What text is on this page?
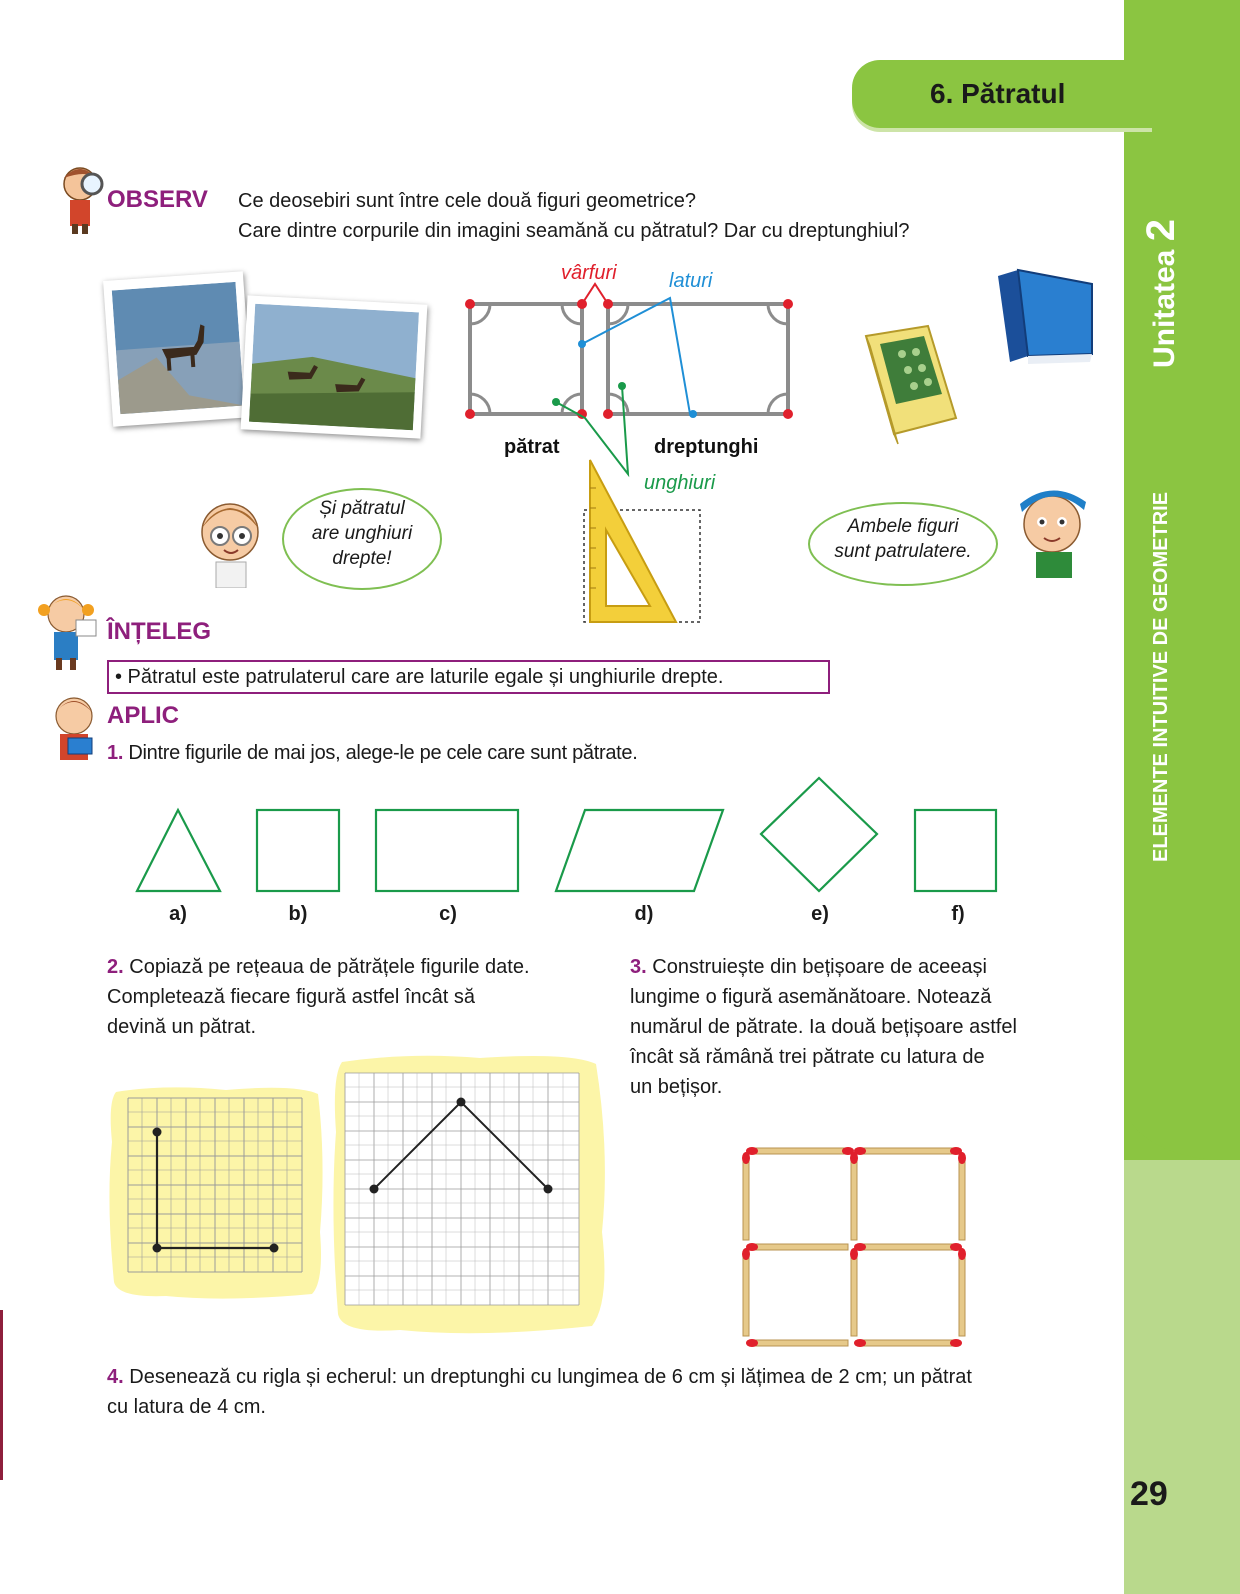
6. Pătratul
Unitatea 2
ELEMENTE INTUITIVE DE GEOMETRIE
29
OBSERV Ce deosebiri sunt între cele două figuri geometrice?
Care dintre corpurile din imagini seamănă cu pătratul? Dar cu dreptunghiul?
vârfuri	laturi
pătrat	dreptunghi
unghiuri
Și pătratul
are unghiuri
drepte!
Ambele figuri
sunt patrulatere.
ÎNȚELEG
• Pătratul este patrulaterul care are laturile egale și unghiurile drepte.
APLIC
1. Dintre figurile de mai jos, alege-le pe cele care sunt pătrate.
a)	b)	c)	d)	e)	f)
2. Copiază pe rețeaua de pătrățele figurile date.
Completează fiecare figură astfel încât să
devină un pătrat.
3. Construiește din bețișoare de aceeași
lungime o figură asemănătoare. Notează
numărul de pătrate. Ia două bețișoare astfel
încât să rămână trei pătrate cu latura de
un bețișor.
4. Desenează cu rigla și echerul: un dreptunghi cu lungimea de 6 cm și lățimea de 2 cm; un pătrat
cu latura de 4 cm.
